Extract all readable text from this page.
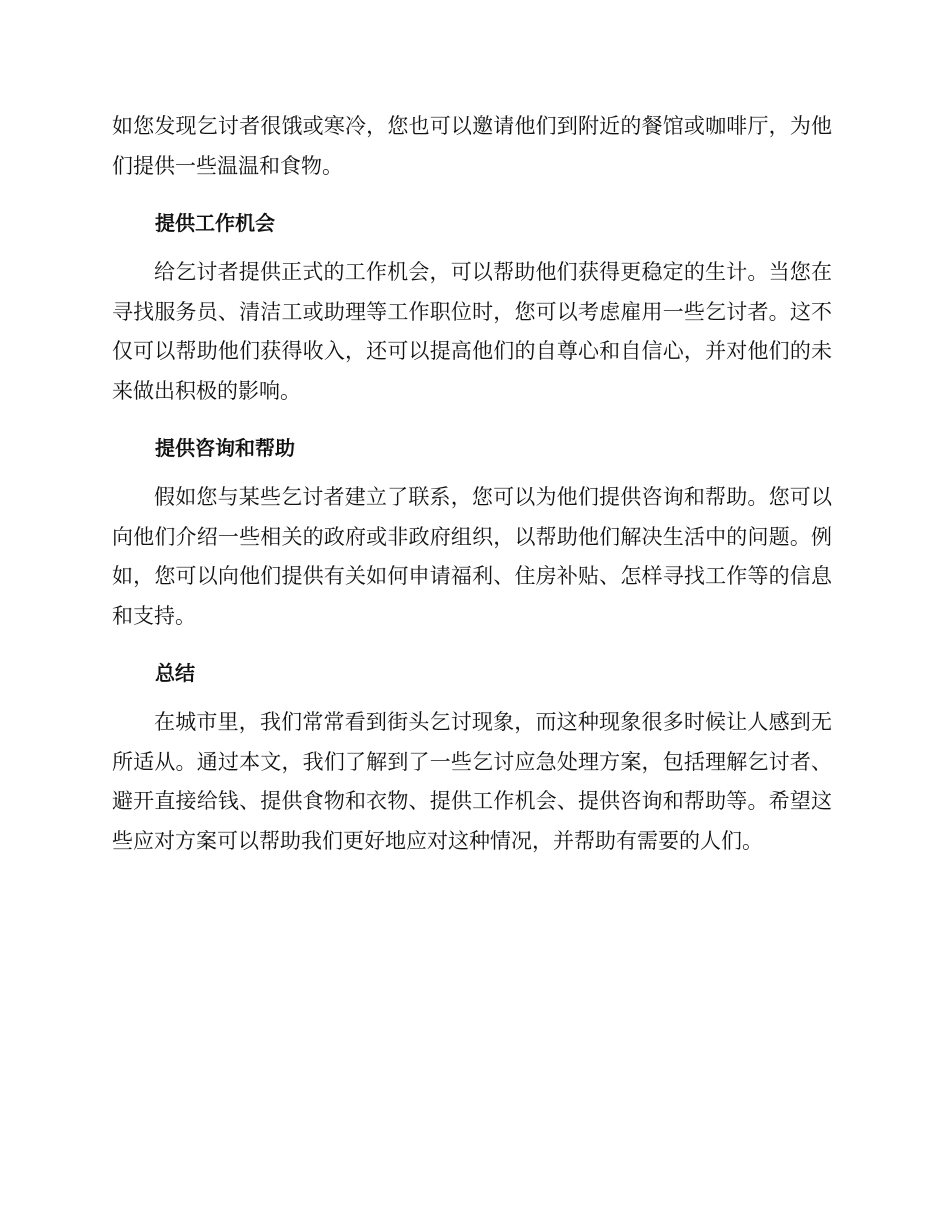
如您发现乞讨者很饿或寒冷，您也可以邀请他们到附近的餐馆或咖啡厅，为他们提供一些温温和食物。

提供工作机会

给乞讨者提供正式的工作机会，可以帮助他们获得更稳定的生计。当您在寻找服务员、清洁工或助理等工作职位时，您可以考虑雇用一些乞讨者。这不仅可以帮助他们获得收入，还可以提高他们的自尊心和自信心，并对他们的未来做出积极的影响。

提供咨询和帮助

假如您与某些乞讨者建立了联系，您可以为他们提供咨询和帮助。您可以向他们介绍一些相关的政府或非政府组织，以帮助他们解决生活中的问题。例如，您可以向他们提供有关如何申请福利、住房补贴、怎样寻找工作等的信息和支持。

总结

在城市里，我们常常看到街头乞讨现象，而这种现象很多时候让人感到无所适从。通过本文，我们了解到了一些乞讨应急处理方案，包括理解乞讨者、避开直接给钱、提供食物和衣物、提供工作机会、提供咨询和帮助等。希望这些应对方案可以帮助我们更好地应对这种情况，并帮助有需要的人们。
